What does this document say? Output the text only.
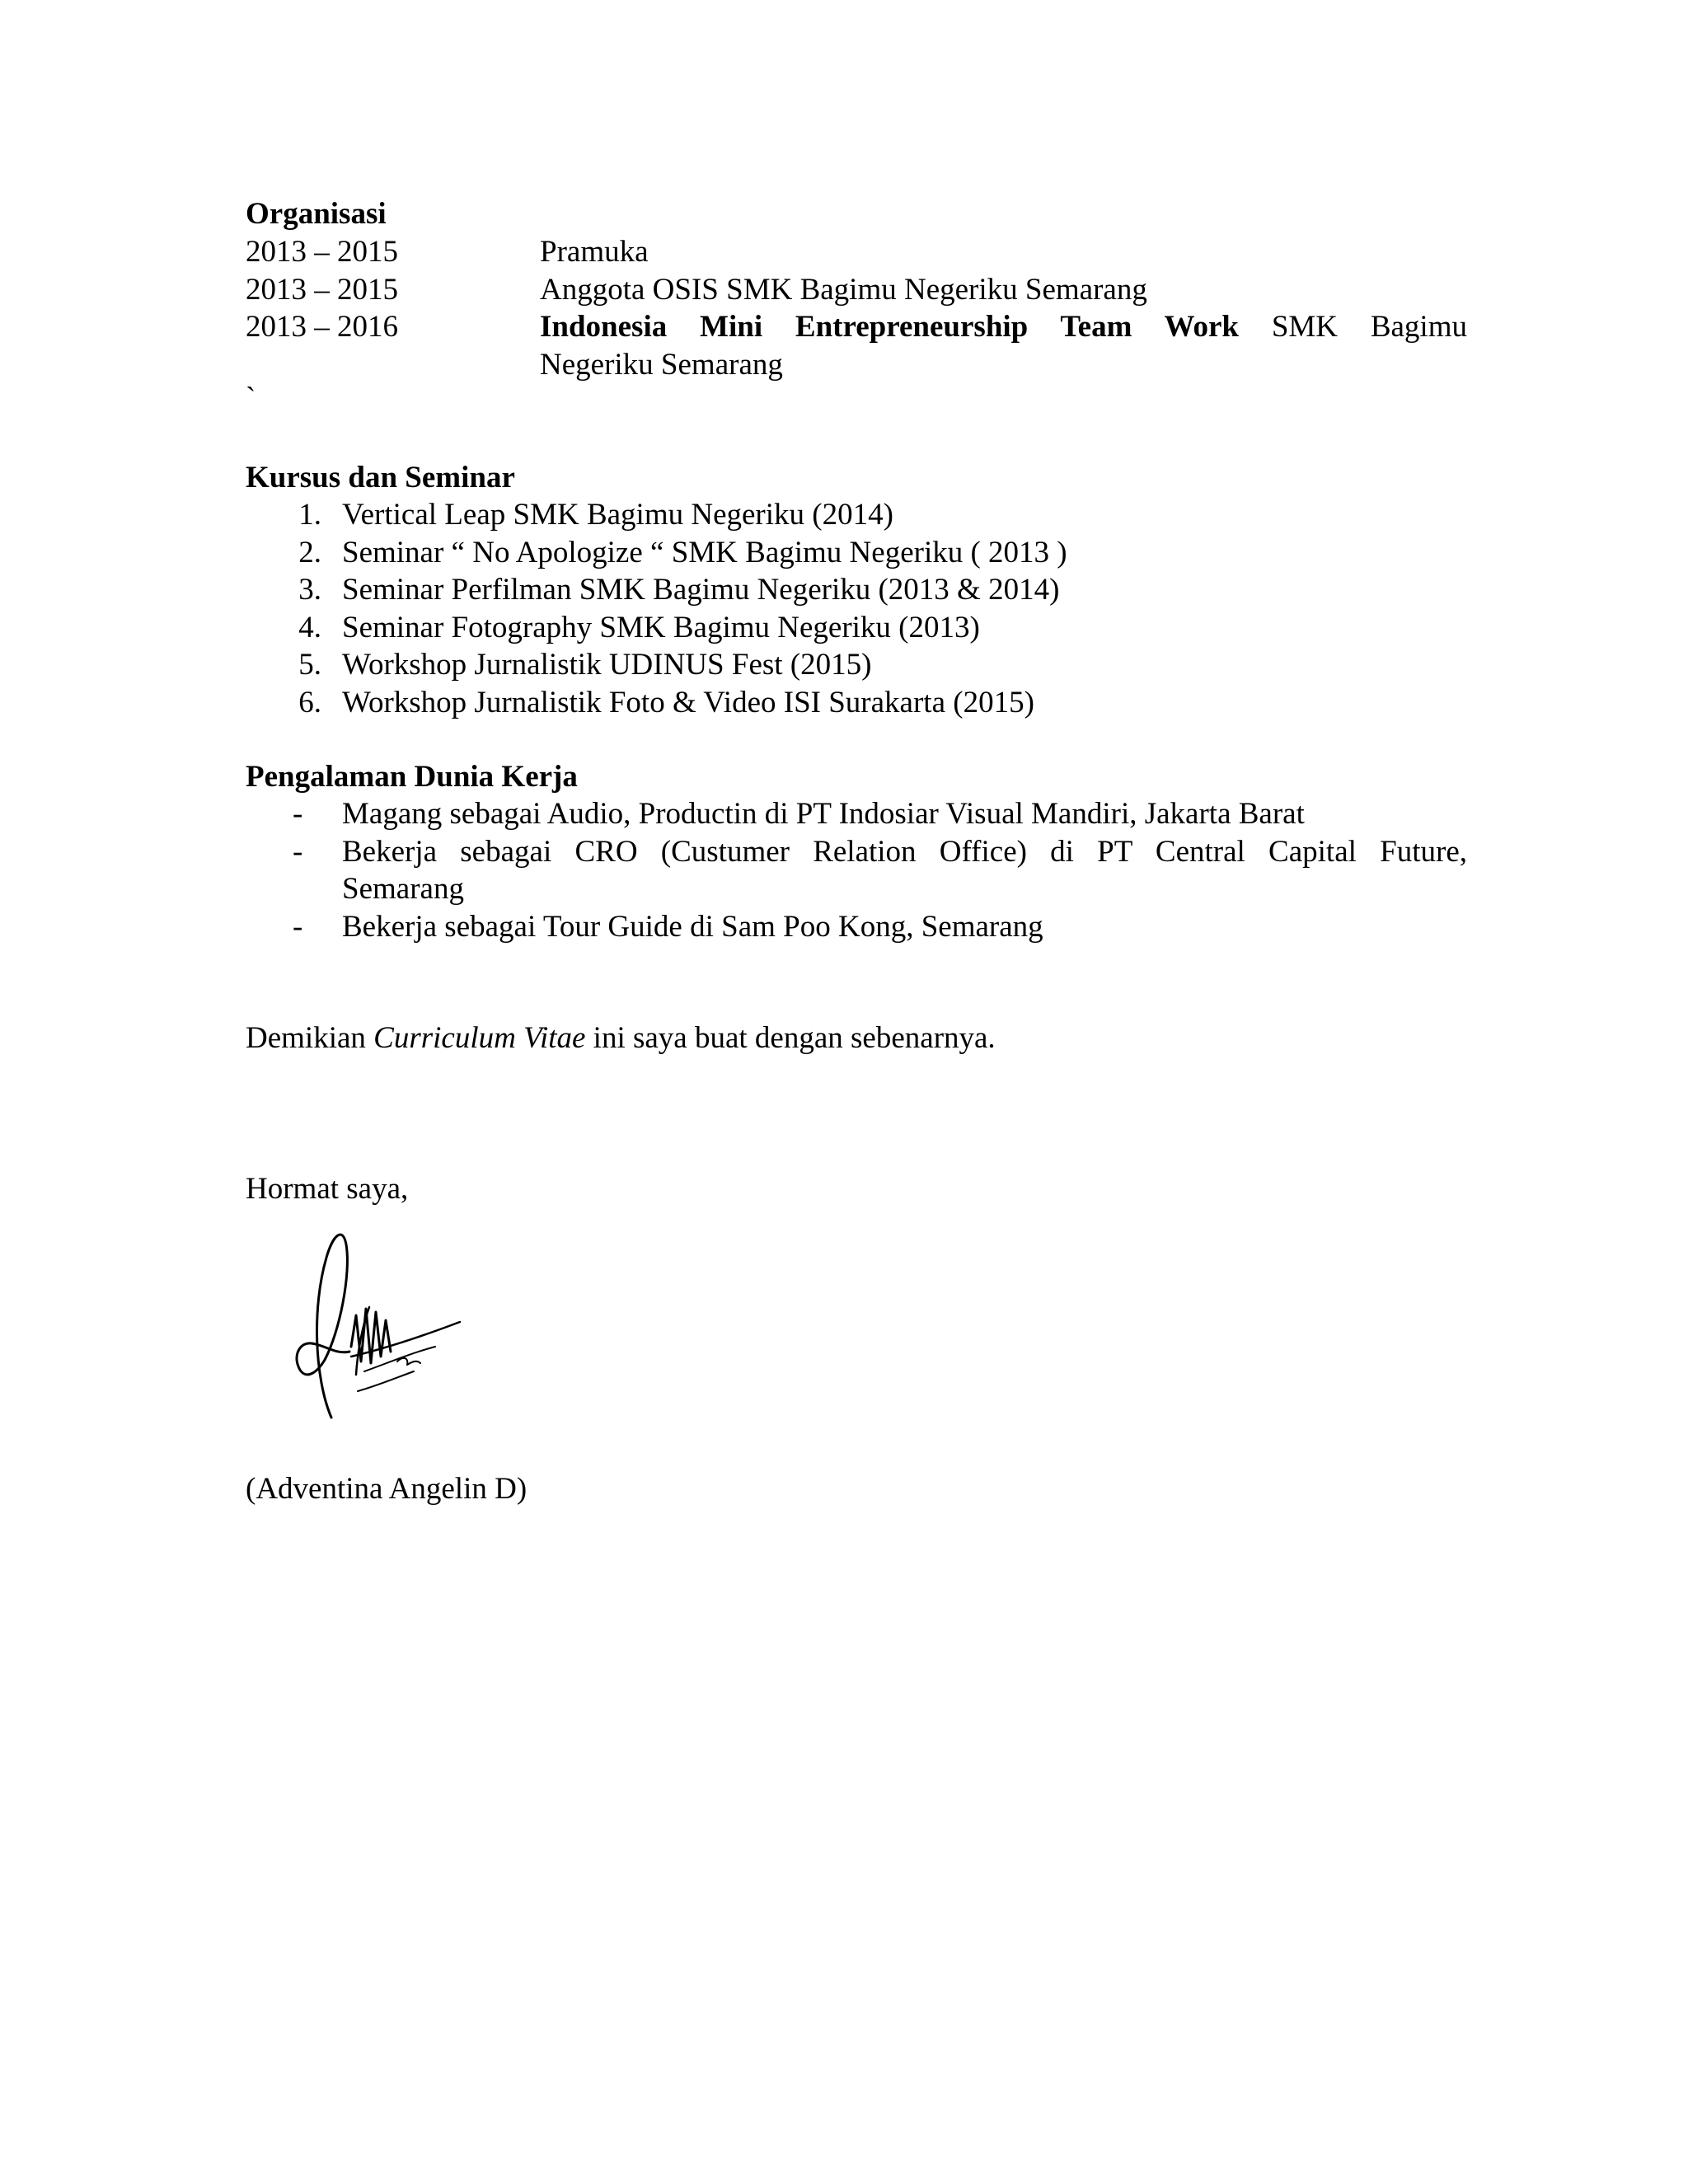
Organisasi
2013 – 2015	Pramuka
2013 – 2015	Anggota OSIS SMK Bagimu Negeriku Semarang
2013 – 2016	Indonesia Mini Entrepreneurship Team Work SMK Bagimu
Negeriku Semarang
`
Kursus dan Seminar
1. Vertical Leap SMK Bagimu Negeriku (2014)
2. Seminar “ No Apologize “ SMK Bagimu Negeriku ( 2013 )
3. Seminar Perfilman SMK Bagimu Negeriku (2013 & 2014)
4. Seminar Fotography SMK Bagimu Negeriku (2013)
5. Workshop Jurnalistik UDINUS Fest (2015)
6. Workshop Jurnalistik Foto & Video ISI Surakarta (2015)
Pengalaman Dunia Kerja
- Magang sebagai Audio, Productin di PT Indosiar Visual Mandiri, Jakarta Barat
- Bekerja sebagai CRO (Custumer Relation Office) di PT Central Capital Future,
Semarang
- Bekerja sebagai Tour Guide di Sam Poo Kong, Semarang
Demikian Curriculum Vitae ini saya buat dengan sebenarnya.
Hormat saya,
(Adventina Angelin D)
